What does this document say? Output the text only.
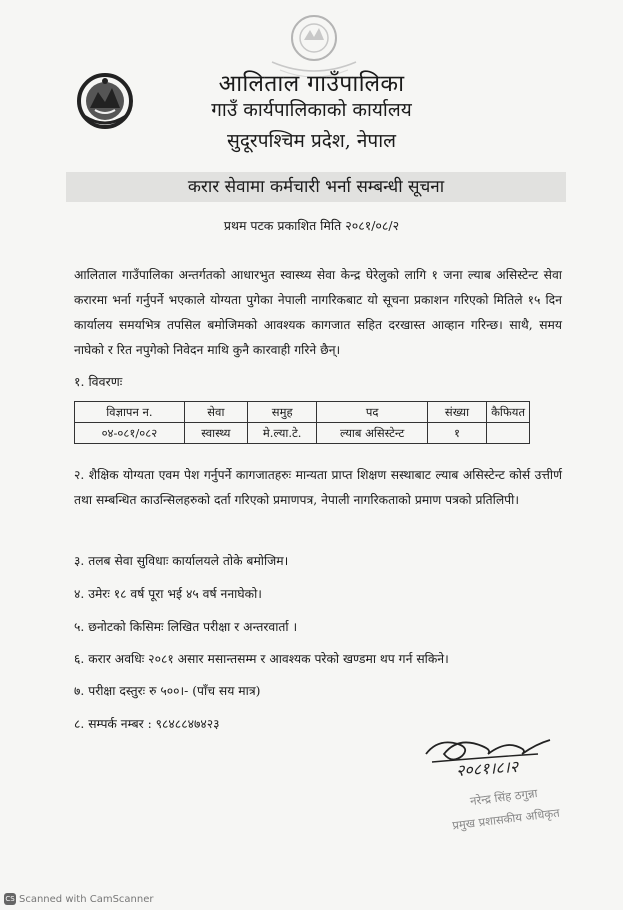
आलिताल गाउँपालिका
गाउँ कार्यपालिकाको कार्यालय
सुदूरपश्चिम प्रदेश, नेपाल
करार सेवामा कर्मचारी भर्ना सम्बन्धी सूचना
प्रथम पटक प्रकाशित मिति २०८१/०८/२
आलिताल गाउँपालिका अन्तर्गतको आधारभुत स्वास्थ्य सेवा केन्द्र घेरेलुको लागि १ जना ल्याब असिस्टेन्ट सेवा करारमा भर्ना गर्नुपर्ने भएकाले योग्यता पुगेका नेपाली नागरिकबाट यो सूचना प्रकाशन गरिएको मितिले १५ दिन कार्यालय समयभित्र तपसिल बमोजिमको आवश्यक कागजात सहित दरखास्त आव्हान गरिन्छ। साथै, समय नाघेको र रित नपुगेको निवेदन माथि कुनै कारवाही गरिने छैन्।
१. विवरणः
विज्ञापन न.	सेवा	समुह	पद	संख्या	कैफियत
०४-०८१/०८२	स्वास्थ्य	मे.ल्या.टे.	ल्याब असिस्टेन्ट	१	
२. शैक्षिक योग्यता एवम पेश गर्नुपर्ने कागजातहरुः मान्यता प्राप्त शिक्षण सस्थाबाट ल्याब असिस्टेन्ट कोर्स उत्तीर्ण तथा सम्बन्धित काउन्सिलहरुको दर्ता गरिएको प्रमाणपत्र, नेपाली नागरिकताको प्रमाण पत्रको प्रतिलिपी।
३. तलब सेवा सुविधाः कार्यालयले तोके बमोजिम।
४. उमेरः १८ वर्ष पूरा भई ४५ वर्ष ननाघेको।
५. छनोटको किसिमः लिखित परीक्षा र अन्तरवार्ता ।
६. करार अवधिः २०८१ असार मसान्तसम्म र आवश्यक परेको खण्डमा थप गर्न सकिने।
७. परीक्षा दस्तुरः रु ५००।- (पाँच सय मात्र)
८. सम्पर्क नम्बर : ९८४८८४७४२३
२०८१।८।२
नरेन्द्र सिंह ठगुन्ना
प्रमुख प्रशासकीय अधिकृत
CS Scanned with CamScanner
